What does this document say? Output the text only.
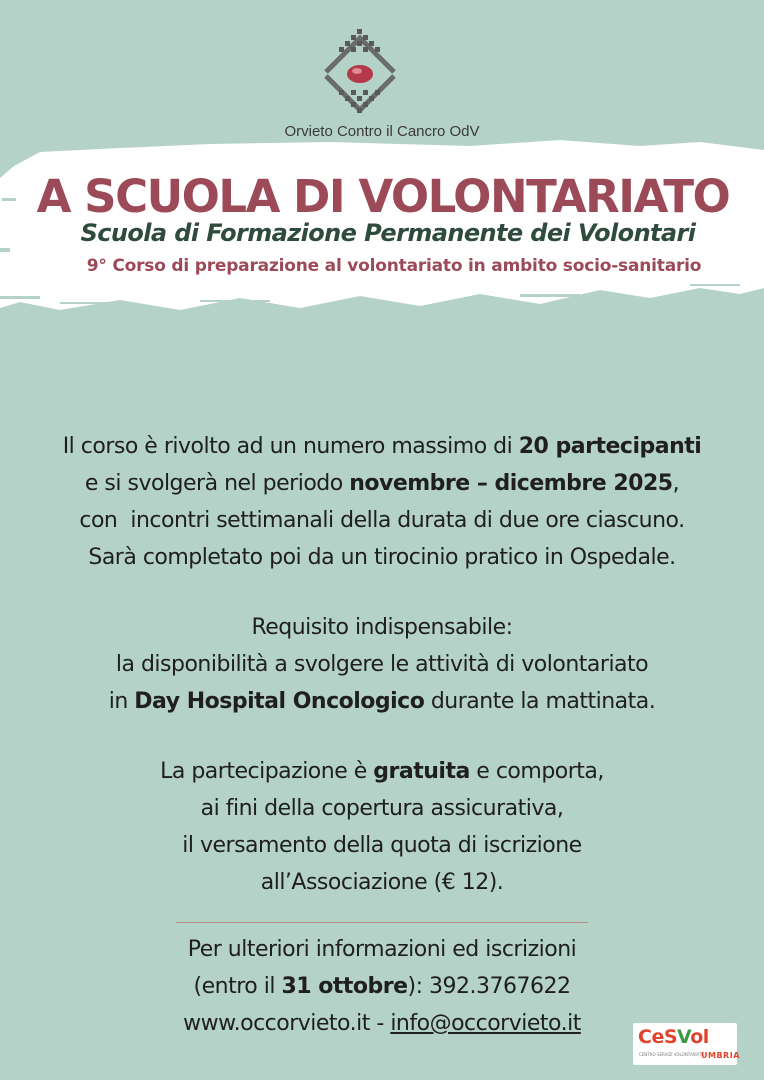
Orvieto Contro il Cancro OdV
A SCUOLA DI VOLONTARIATO
Scuola di Formazione Permanente dei Volontari
9° Corso di preparazione al volontariato in ambito socio-sanitario

Il corso è rivolto ad un numero massimo di 20 partecipanti

e si svolgerà nel periodo novembre – dicembre 2025,

con  incontri settimanali della durata di due ore ciascuno.

Sarà completato poi da un tirocinio pratico in Ospedale.

Requisito indispensabile:

la disponibilità a svolgere le attività di volontariato

in Day Hospital Oncologico durante la mattinata.

La partecipazione è gratuita e comporta,

ai fini della copertura assicurativa,

il versamento della quota di iscrizione

all’Associazione (€ 12).

Per ulteriori informazioni ed iscrizioni

(entro il 31 ottobre): 392.3767622

www.occorvieto.it - info@occorvieto.it

CeSVol
CENTRO SERVIZI VOLONTARIATO
UMBRIA
